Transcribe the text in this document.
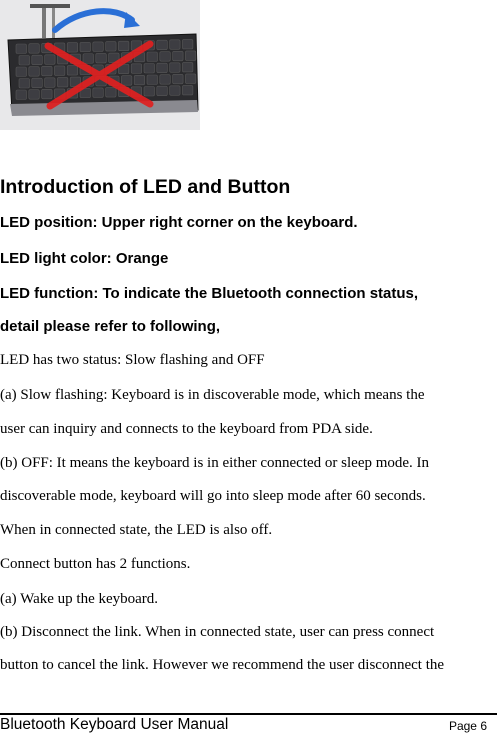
Introduction of LED and Button
LED position: Upper right corner on the keyboard.
LED light color: Orange
LED function: To indicate the Bluetooth connection status,
detail please refer to following,
LED has two status: Slow flashing and OFF
(a) Slow flashing: Keyboard is in discoverable mode, which means the
user can inquiry and connects to the keyboard from PDA side.
(b) OFF: It means the keyboard is in either connected or sleep mode. In
discoverable mode, keyboard will go into sleep mode after 60 seconds.
When in connected state, the LED is also off.
Connect button has 2 functions.
(a) Wake up the keyboard.
(b) Disconnect the link. When in connected state, user can press connect
button to cancel the link. However we recommend the user disconnect the
Bluetooth Keyboard User Manual	Page 6
